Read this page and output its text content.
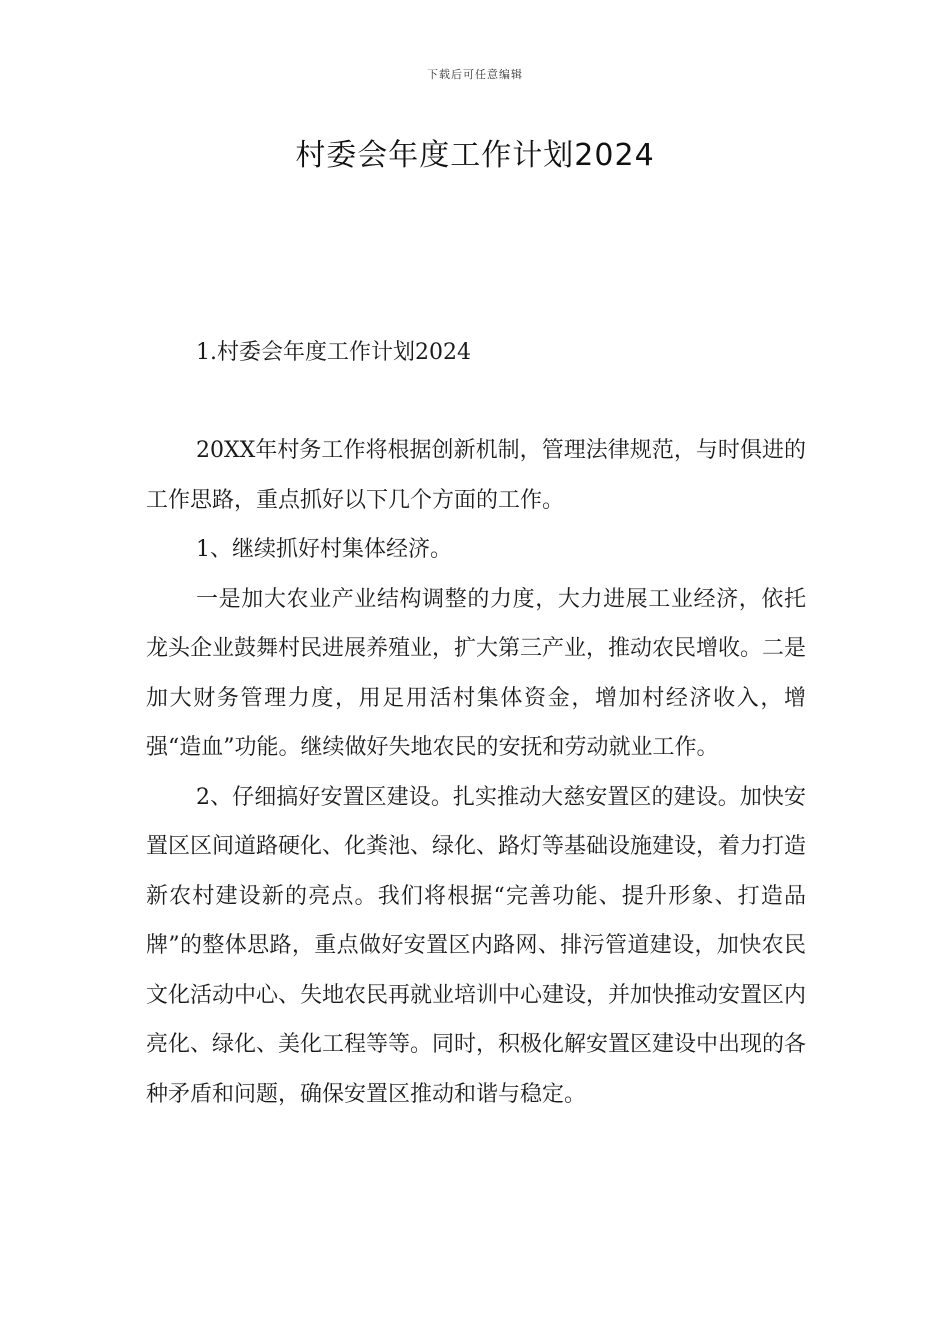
下载后可任意编辑
村委会年度工作计划2024
1.村委会年度工作计划2024

20XX年村务工作将根据创新机制，管理法律规范，与时俱进的工作思路，重点抓好以下几个方面的工作。

1、继续抓好村集体经济。

一是加大农业产业结构调整的力度，大力进展工业经济，依托龙头企业鼓舞村民进展养殖业，扩大第三产业，推动农民增收。二是加大财务管理力度，用足用活村集体资金，增加村经济收入，增强“造血”功能。继续做好失地农民的安抚和劳动就业工作。

2、仔细搞好安置区建设。扎实推动大慈安置区的建设。加快安置区区间道路硬化、化粪池、绿化、路灯等基础设施建设，着力打造新农村建设新的亮点。我们将根据“完善功能、提升形象、打造品牌”的整体思路，重点做好安置区内路网、排污管道建设，加快农民文化活动中心、失地农民再就业培训中心建设，并加快推动安置区内亮化、绿化、美化工程等等。同时，积极化解安置区建设中出现的各种矛盾和问题，确保安置区推动和谐与稳定。
